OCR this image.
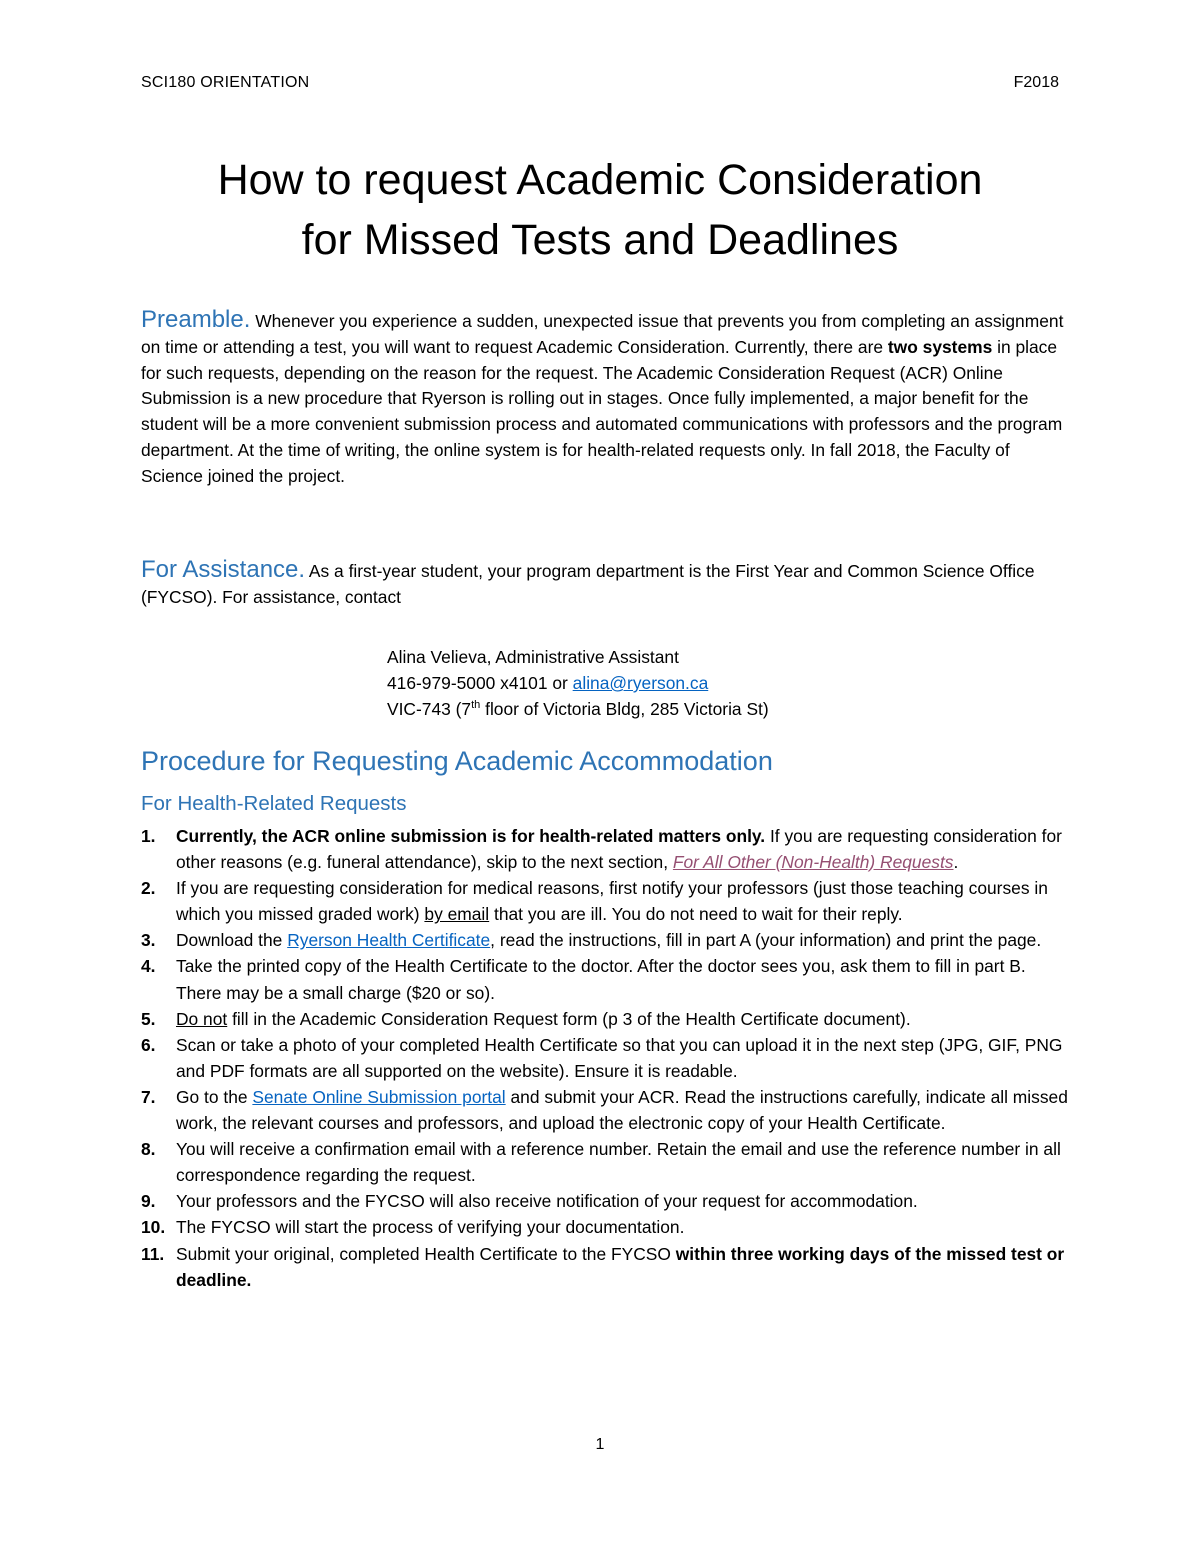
SCI180 ORIENTATION	F2018
How to request Academic Consideration
for Missed Tests and Deadlines

Preamble. Whenever you experience a sudden, unexpected issue that prevents you from completing an assignment on time or attending a test, you will want to request Academic Consideration. Currently, there are two systems in place for such requests, depending on the reason for the request. The Academic Consideration Request (ACR) Online Submission is a new procedure that Ryerson is rolling out in stages. Once fully implemented, a major benefit for the student will be a more convenient submission process and automated communications with professors and the program department. At the time of writing, the online system is for health-related requests only. In fall 2018, the Faculty of Science joined the project.

For Assistance. As a first-year student, your program department is the First Year and Common Science Office (FYCSO). For assistance, contact

Alina Velieva, Administrative Assistant
416-979-5000 x4101 or alina@ryerson.ca
VIC-743 (7th floor of Victoria Bldg, 285 Victoria St)
Procedure for Requesting Academic Accommodation
For Health-Related Requests
1. Currently, the ACR online submission is for health-related matters only. If you are requesting consideration for other reasons (e.g. funeral attendance), skip to the next section, For All Other (Non-Health) Requests.
2. If you are requesting consideration for medical reasons, first notify your professors (just those teaching courses in which you missed graded work) by email that you are ill. You do not need to wait for their reply.
3. Download the Ryerson Health Certificate, read the instructions, fill in part A (your information) and print the page.
4. Take the printed copy of the Health Certificate to the doctor. After the doctor sees you, ask them to fill in part B. There may be a small charge ($20 or so).
5. Do not fill in the Academic Consideration Request form (p 3 of the Health Certificate document).
6. Scan or take a photo of your completed Health Certificate so that you can upload it in the next step (JPG, GIF, PNG and PDF formats are all supported on the website). Ensure it is readable.
7. Go to the Senate Online Submission portal and submit your ACR. Read the instructions carefully, indicate all missed work, the relevant courses and professors, and upload the electronic copy of your Health Certificate.
8. You will receive a confirmation email with a reference number. Retain the email and use the reference number in all correspondence regarding the request.
9. Your professors and the FYCSO will also receive notification of your request for accommodation.
10. The FYCSO will start the process of verifying your documentation.
11. Submit your original, completed Health Certificate to the FYCSO within three working days of the missed test or deadline.
1
